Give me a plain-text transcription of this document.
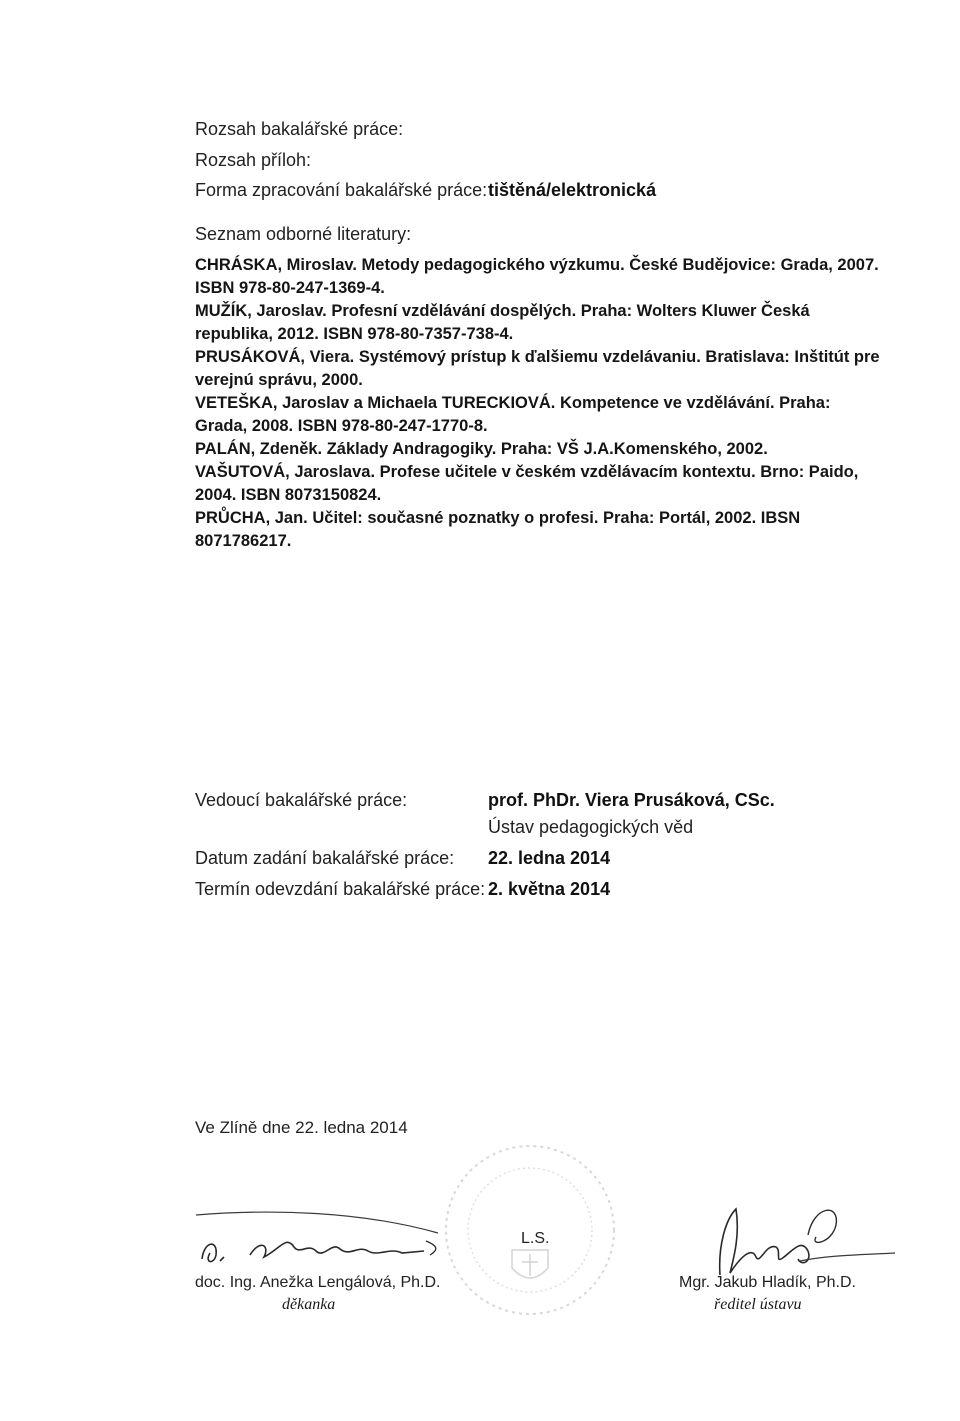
Rozsah bakalářské práce:
Rozsah příloh:
Forma zpracování bakalářské práce: tištěná/elektronická
Seznam odborné literatury:
CHRÁSKA, Miroslav. Metody pedagogického výzkumu. České Budějovice: Grada, 2007. ISBN 978-80-247-1369-4.
MUŽÍK, Jaroslav. Profesní vzdělávání dospělých. Praha: Wolters Kluwer Česká republika, 2012. ISBN 978-80-7357-738-4.
PRUSÁKOVÁ, Viera. Systémový prístup k ďalšiemu vzdelávaniu. Bratislava: Inštitút pre verejnú správu, 2000.
VETEŠKA, Jaroslav a Michaela TURECKIOVÁ. Kompetence ve vzdělávání. Praha: Grada, 2008. ISBN 978-80-247-1770-8.
PALÁN, Zdeněk. Základy Andragogiky. Praha: VŠ J.A.Komenského, 2002.
VAŠUTOVÁ, Jaroslava. Profese učitele v českém vzdělávacím kontextu. Brno: Paido, 2004. ISBN 8073150824.
PRŮCHA, Jan. Učitel: současné poznatky o profesi. Praha: Portál, 2002. IBSN 8071786217.
Vedoucí bakalářské práce:	prof. PhDr. Viera Prusáková, CSc.
Ústav pedagogických věd
Datum zadání bakalářské práce: 22. ledna 2014
Termín odevzdání bakalářské práce: 2. května 2014
Ve Zlíně dne 22. ledna 2014
L.S.
doc. Ing. Anežka Lengálová, Ph.D.
děkanka
Mgr. Jakub Hladík, Ph.D.
ředitel ústavu
